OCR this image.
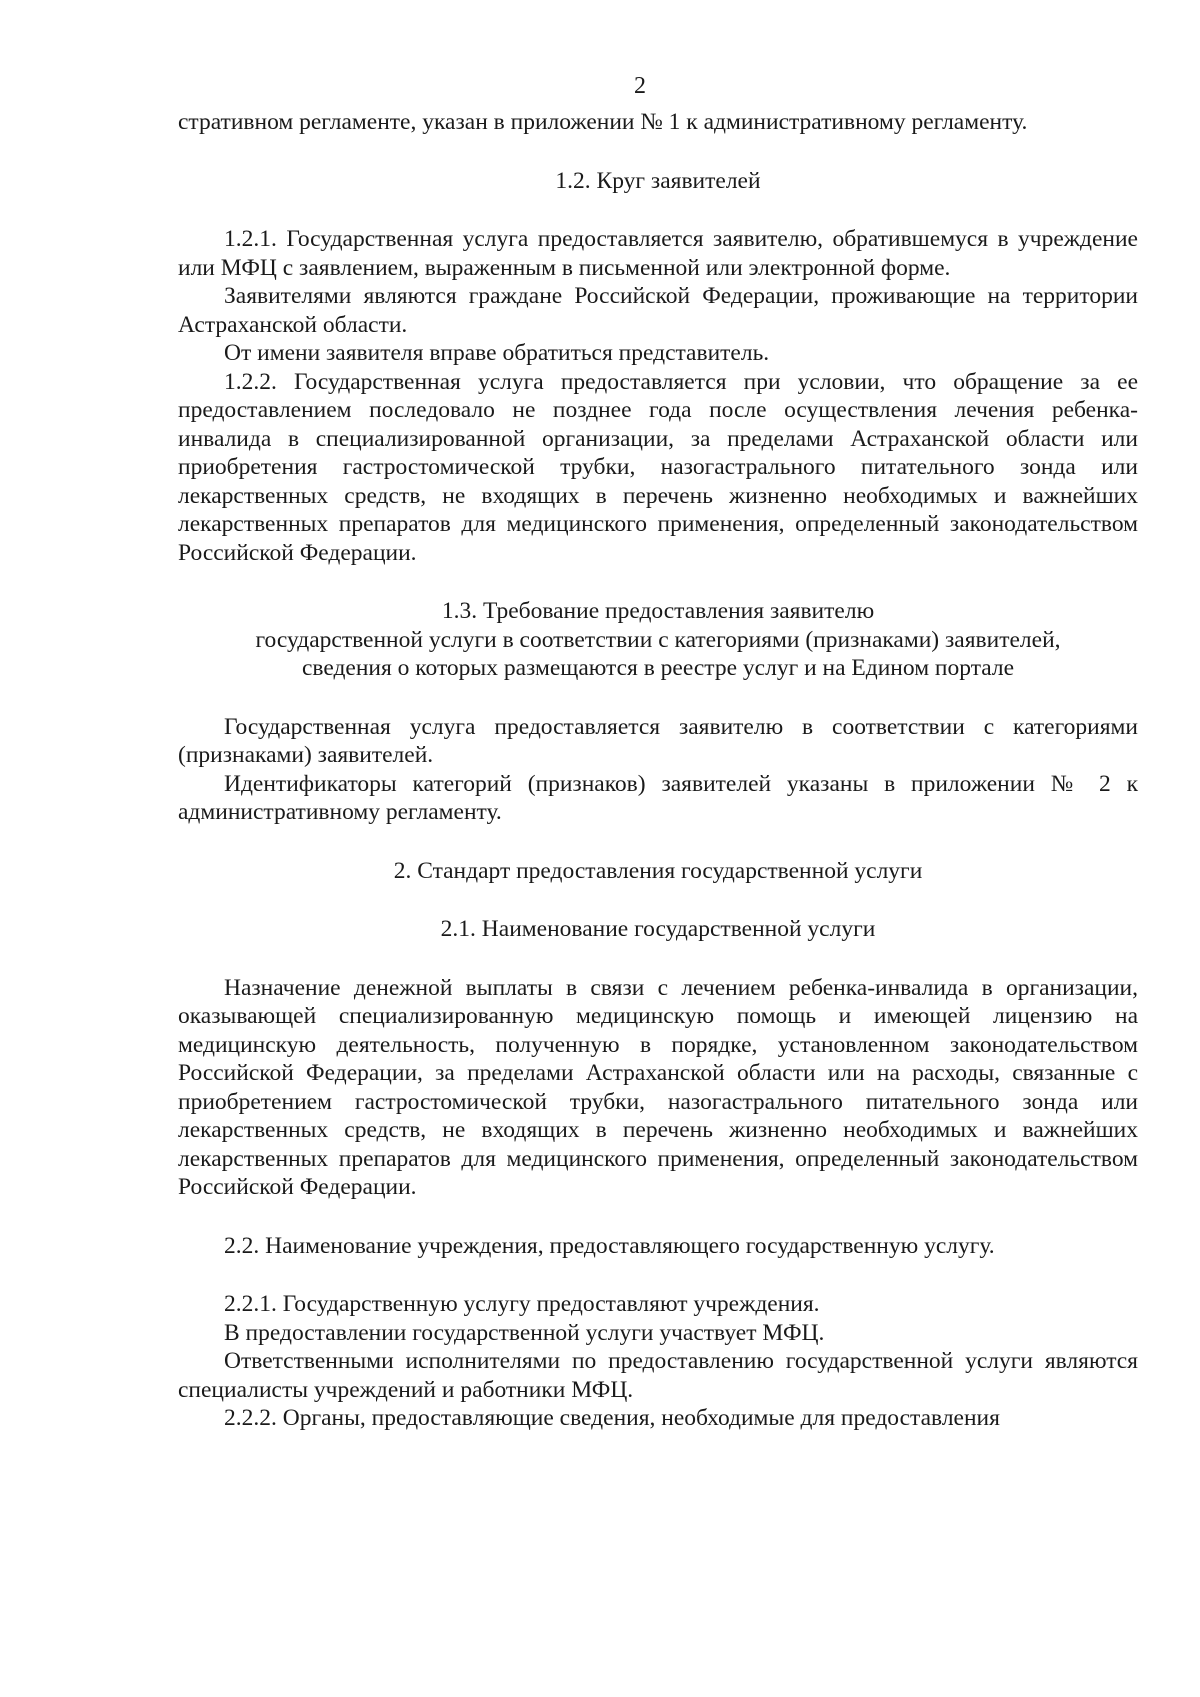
2

стративном регламенте, указан в приложении № 1 к административному регламенту.

1.2. Круг заявителей

1.2.1. Государственная услуга предоставляется заявителю, обратившемуся в учреждение или МФЦ с заявлением, выраженным в письменной или электронной форме.

Заявителями являются граждане Российской Федерации, проживающие на территории Астраханской области.

От имени заявителя вправе обратиться представитель.

1.2.2. Государственная услуга предоставляется при условии, что обращение за ее предоставлением последовало не позднее года после осуществления лечения ребенка-инвалида в специализированной организации, за пределами Астраханской области или приобретения гастростомической трубки, назогастрального питательного зонда или лекарственных средств, не входящих в перечень жизненно необходимых и важнейших лекарственных препаратов для медицинского применения, определенный законодательством Российской Федерации.

1.3. Требование предоставления заявителю
государственной услуги в соответствии с категориями (признаками) заявителей,
сведения о которых размещаются в реестре услуг и на Едином портале

Государственная услуга предоставляется заявителю в соответствии с категориями (признаками) заявителей.

Идентификаторы категорий (признаков) заявителей указаны в приложении № 2 к административному регламенту.

2. Стандарт предоставления государственной услуги
2.1. Наименование государственной услуги

Назначение денежной выплаты в связи с лечением ребенка-инвалида в организации, оказывающей специализированную медицинскую помощь и имеющей лицензию на медицинскую деятельность, полученную в порядке, установленном законодательством Российской Федерации, за пределами Астраханской области или на расходы, связанные с приобретением гастростомической трубки, назогастрального питательного зонда или лекарственных средств, не входящих в перечень жизненно необходимых и важнейших лекарственных препаратов для медицинского применения, определенный законодательством Российской Федерации.

2.2. Наименование учреждения, предоставляющего государственную услугу.

2.2.1. Государственную услугу предоставляют учреждения.

В предоставлении государственной услуги участвует МФЦ.

Ответственными исполнителями по предоставлению государственной услуги являются специалисты учреждений и работники МФЦ.

2.2.2. Органы, предоставляющие сведения, необходимые для предоставления
